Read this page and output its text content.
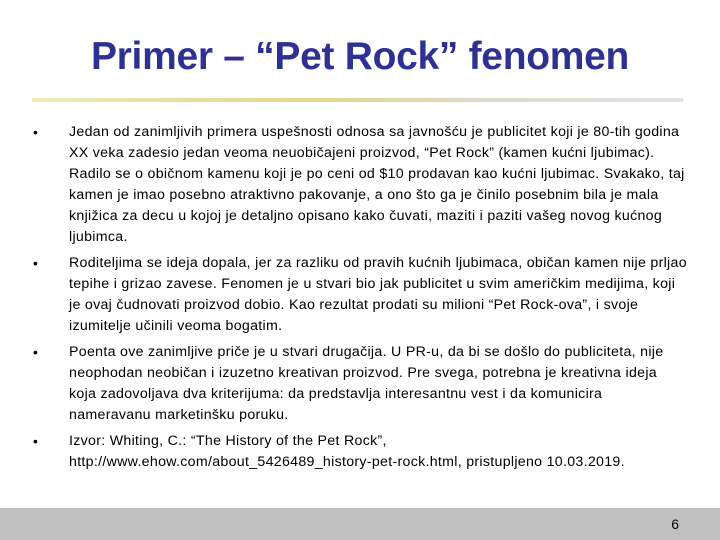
Primer – “Pet Rock” fenomen
• Jedan od zanimljivih primera uspešnosti odnosa sa javnošću je publicitet koji je 80-tih godina XX veka zadesio jedan veoma neuobičajeni proizvod, “Pet Rock” (kamen kućni ljubimac). Radilo se o običnom kamenu koji je po ceni od $10 prodavan kao kućni ljubimac. Svakako, taj kamen je imao posebno atraktivno pakovanje, a ono što ga je činilo posebnim bila je mala knjižica za decu u kojoj je detaljno opisano kako čuvati, maziti i paziti vašeg novog kućnog ljubimca.
• Roditeljima se ideja dopala, jer za razliku od pravih kućnih ljubimaca, običan kamen nije prljao tepihe i grizao zavese. Fenomen je u stvari bio jak publicitet u svim američkim medijima, koji je ovaj čudnovati proizvod dobio. Kao rezultat prodati su milioni “Pet Rock-ova”, i svoje izumitelje učinili veoma bogatim.
• Poenta ove zanimljive priče je u stvari drugačija. U PR-u, da bi se došlo do publiciteta, nije neophodan neobičan i izuzetno kreativan proizvod. Pre svega, potrebna je kreativna ideja koja zadovoljava dva kriterijuma: da predstavlja interesantnu vest i da komunicira nameravanu marketinšku poruku.
• Izvor: Whiting, C.: “The History of the Pet Rock”, http://www.ehow.com/about_5426489_history-pet-rock.html, pristupljeno 10.03.2019.
6
